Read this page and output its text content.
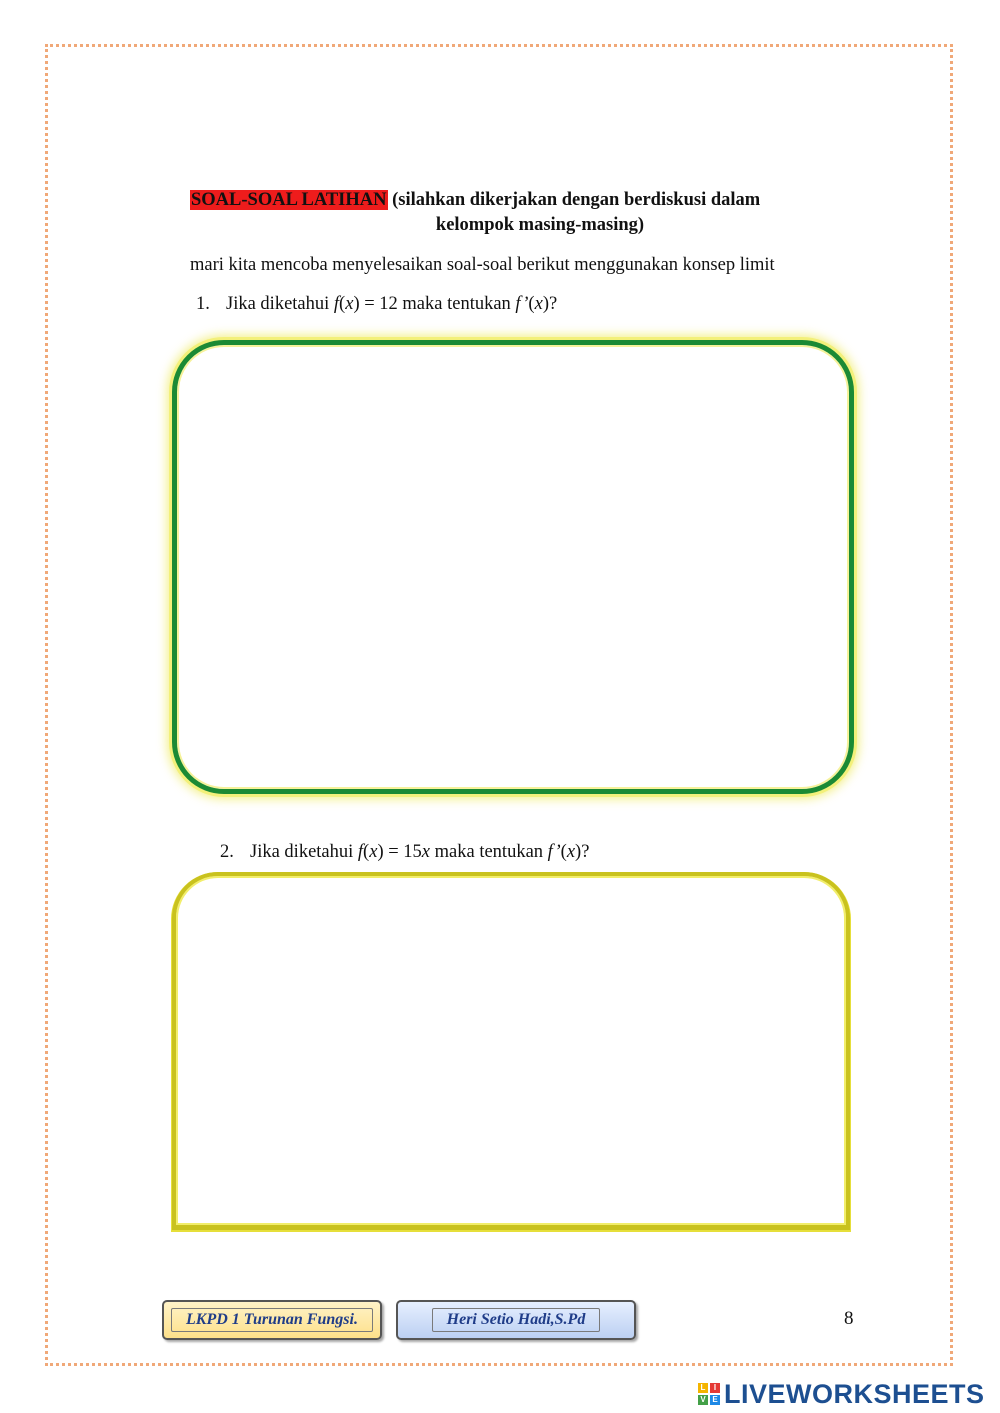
SOAL-SOAL LATIHAN (silahkan dikerjakan dengan berdiskusi dalam
kelompok masing-masing)
mari kita mencoba menyelesaikan soal-soal berikut menggunakan konsep limit
1. Jika diketahui f(x) = 12 maka tentukan f’(x)?
2. Jika diketahui f(x) = 15x maka tentukan f’(x)?
LKPD 1 Turunan Fungsi.	Heri Setio Hadi,S.Pd	8
L	I
V E LIVEWORKSHEETS
